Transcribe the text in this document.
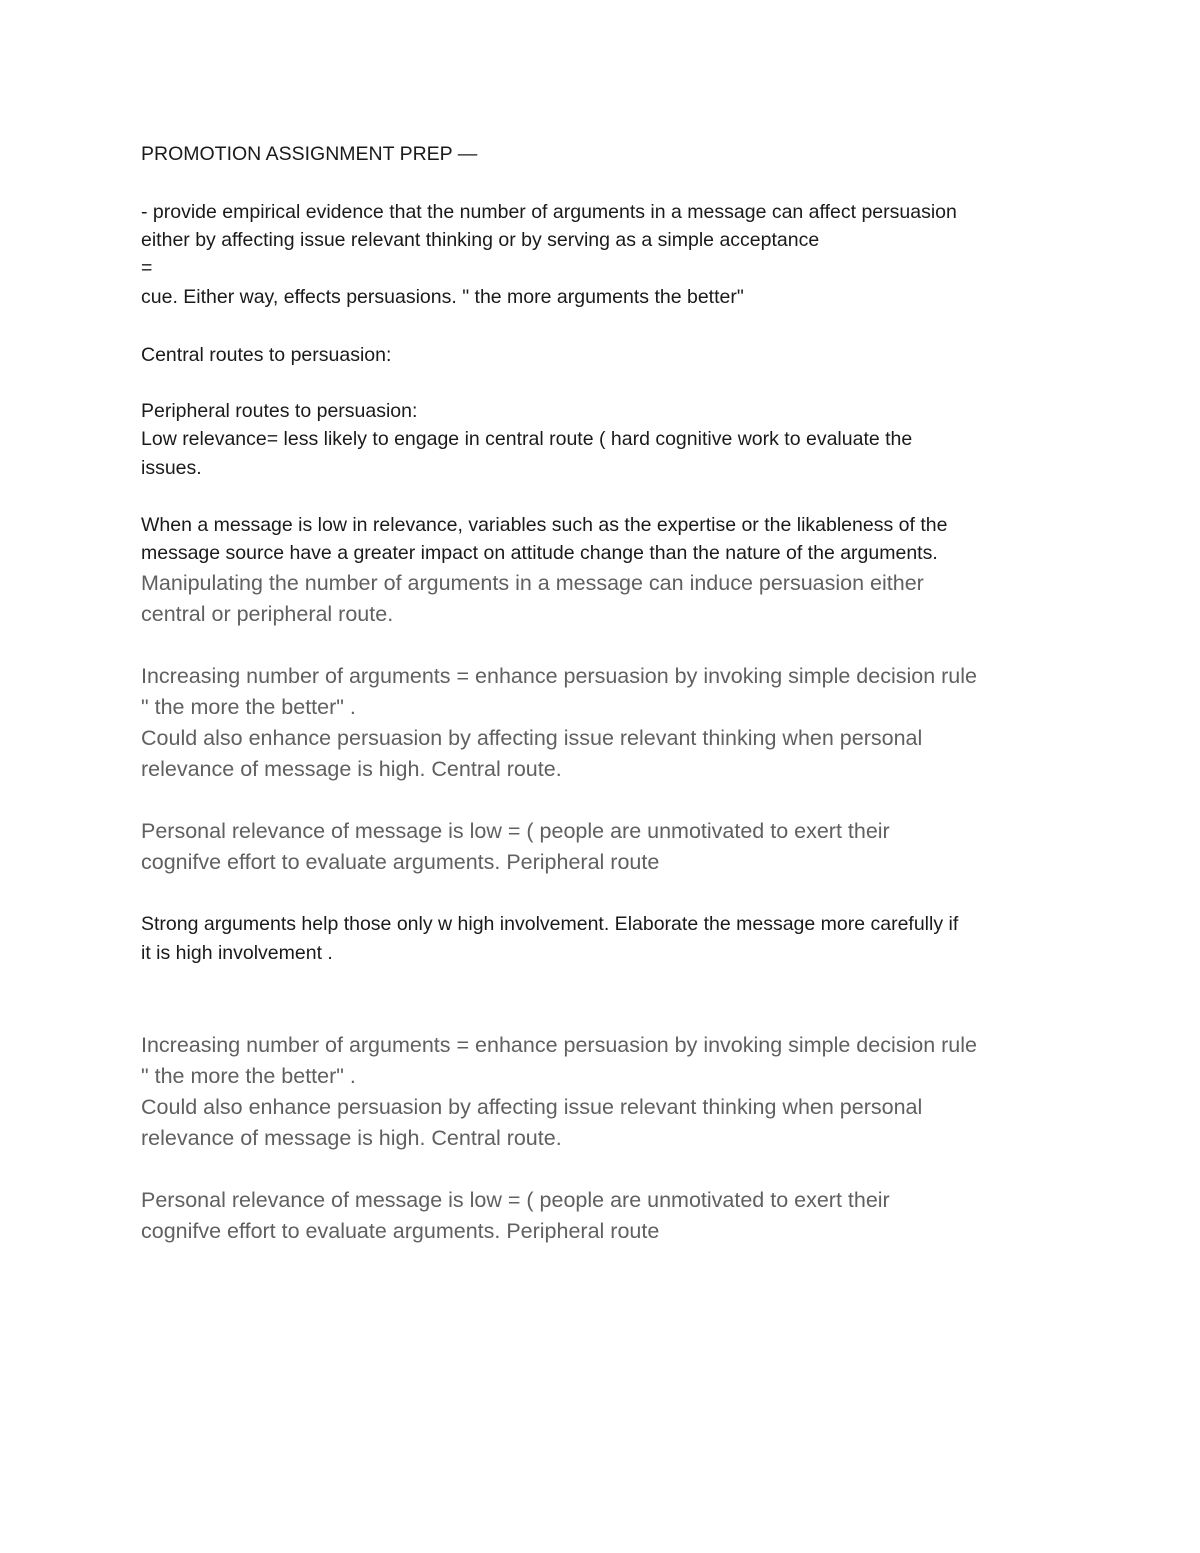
PROMOTION ASSIGNMENT PREP —

- provide empirical evidence that the number of arguments in a message can affect persuasion

either by affecting issue relevant thinking or by serving as a simple acceptance

=

cue. Either way, effects persuasions. " the more arguments the better"

Central routes to persuasion:

Peripheral routes to persuasion:

Low relevance= less likely to engage in central route ( hard cognitive work to evaluate the

issues.

When a message is low in relevance, variables such as the expertise or the likableness of the

message source have a greater impact on attitude change than the nature of the arguments.

Manipulating the number of arguments in a message can induce persuasion either

central or peripheral route.

Increasing number of arguments = enhance persuasion by invoking simple decision rule

" the more the better" .

Could also enhance persuasion by affecting issue relevant thinking when personal

relevance of message is high. Central route.

Personal relevance of message is low = ( people are unmotivated to exert their

cognifve effort to evaluate arguments. Peripheral route

Strong arguments help those only w high involvement. Elaborate the message more carefully if

it is high involvement .

Increasing number of arguments = enhance persuasion by invoking simple decision rule

" the more the better" .

Could also enhance persuasion by affecting issue relevant thinking when personal

relevance of message is high. Central route.

Personal relevance of message is low = ( people are unmotivated to exert their

cognifve effort to evaluate arguments. Peripheral route
